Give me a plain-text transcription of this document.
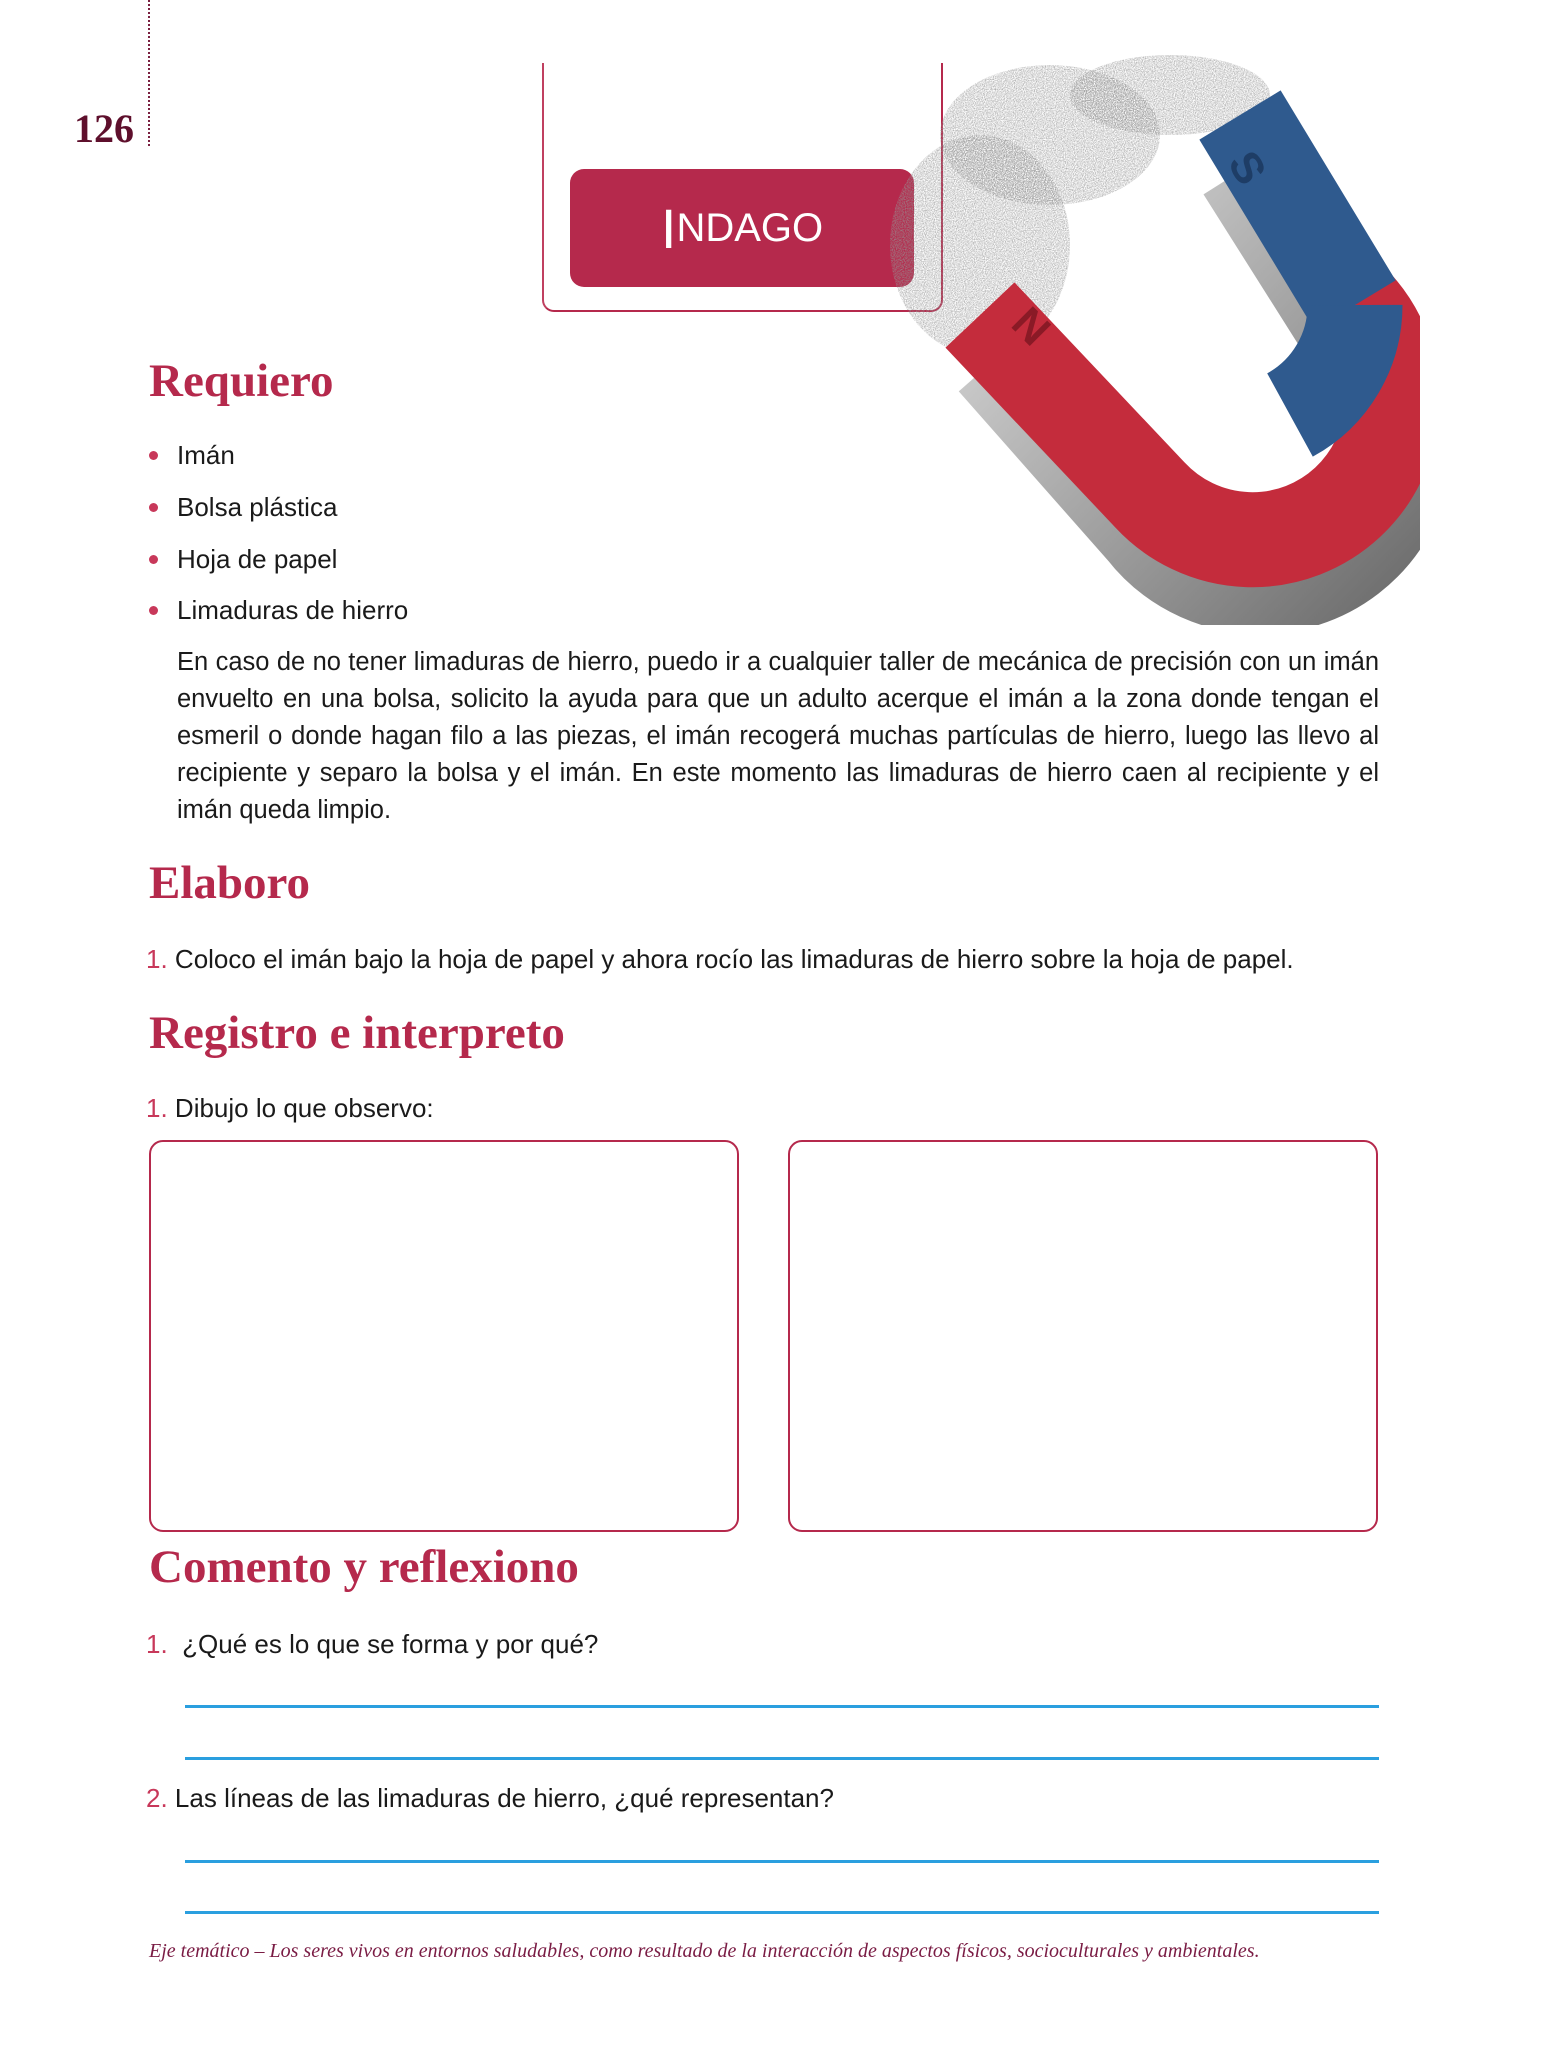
126
I NDAGO
N
S
Requiero
Imán
Bolsa plástica
Hoja de papel
Limaduras de hierro
En caso de no tener limaduras de hierro, puedo ir a cualquier taller de mecánica de precisión con un imán envuelto en una bolsa, solicito la ayuda para que un adulto acerque el imán a la zona donde tengan el esmeril o donde hagan filo a las piezas, el imán recogerá muchas partículas de hierro, luego las llevo al recipiente y separo la bolsa y el imán. En este momento las limaduras de hierro caen al recipiente y el imán queda limpio.
Elaboro
1. Coloco el imán bajo la hoja de papel y ahora rocío las limaduras de hierro sobre la hoja de papel.
Registro e interpreto
1. Dibujo lo que observo:
Comento y reflexiono
1. ¿Qué es lo que se forma y por qué?
2. Las líneas de las limaduras de hierro, ¿qué representan?
Eje temático – Los seres vivos en entornos saludables, como resultado de la interacción de aspectos físicos, socioculturales y ambientales.
